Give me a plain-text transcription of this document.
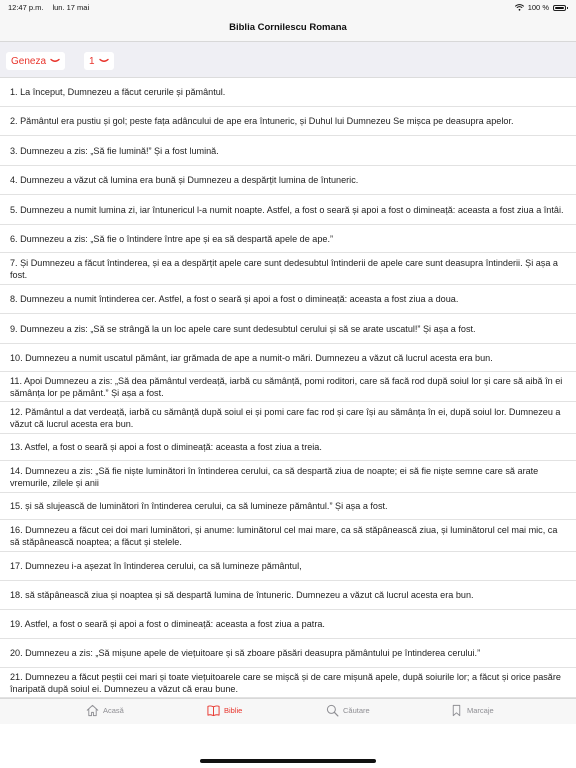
12:47 p.m. lun. 17 mai	100 %
Biblia Cornilescu Romana
Geneza	1
1. La început, Dumnezeu a făcut cerurile și pământul.
2. Pământul era pustiu și gol; peste fața adâncului de ape era întuneric, și Duhul lui Dumnezeu Se mișca pe deasupra apelor.
3. Dumnezeu a zis: „Să fie lumină!” Și a fost lumină.
4. Dumnezeu a văzut că lumina era bună și Dumnezeu a despărțit lumina de întuneric.
5. Dumnezeu a numit lumina zi, iar întunericul l-a numit noapte. Astfel, a fost o seară și apoi a fost o dimineață: aceasta a fost ziua a întâi.
6. Dumnezeu a zis: „Să fie o întindere între ape și ea să despartă apele de ape.”
7. Și Dumnezeu a făcut întinderea, și ea a despărțit apele care sunt dedesubtul întinderii de apele care sunt deasupra întinderii. Și așa a fost.
8. Dumnezeu a numit întinderea cer. Astfel, a fost o seară și apoi a fost o dimineață: aceasta a fost ziua a doua.
9. Dumnezeu a zis: „Să se strângă la un loc apele care sunt dedesubtul cerului și să se arate uscatul!” Și așa a fost.
10. Dumnezeu a numit uscatul pământ, iar grămada de ape a numit-o mări. Dumnezeu a văzut că lucrul acesta era bun.
11. Apoi Dumnezeu a zis: „Să dea pământul verdeață, iarbă cu sămânță, pomi roditori, care să facă rod după soiul lor și care să aibă în ei sămânța lor pe pământ.” Și așa a fost.
12. Pământul a dat verdeață, iarbă cu sămânță după soiul ei și pomi care fac rod și care își au sămânța în ei, după soiul lor. Dumnezeu a văzut că lucrul acesta era bun.
13. Astfel, a fost o seară și apoi a fost o dimineață: aceasta a fost ziua a treia.
14. Dumnezeu a zis: „Să fie niște luminători în întinderea cerului, ca să despartă ziua de noapte; ei să fie niște semne care să arate vremurile, zilele și anii
15. și să slujească de luminători în întinderea cerului, ca să lumineze pământul.” Și așa a fost.
16. Dumnezeu a făcut cei doi mari luminători, și anume: luminătorul cel mai mare, ca să stăpânească ziua, și luminătorul cel mai mic, ca să stăpânească noaptea; a făcut și stelele.
17. Dumnezeu i-a așezat în întinderea cerului, ca să lumineze pământul,
18. să stăpânească ziua și noaptea și să despartă lumina de întuneric. Dumnezeu a văzut că lucrul acesta era bun.
19. Astfel, a fost o seară și apoi a fost o dimineață: aceasta a fost ziua a patra.
20. Dumnezeu a zis: „Să mișune apele de viețuitoare și să zboare păsări deasupra pământului pe întinderea cerului.”
21. Dumnezeu a făcut peștii cei mari și toate viețuitoarele care se mișcă și de care mișună apele, după soiurile lor; a făcut și orice pasăre înaripată după soiul ei. Dumnezeu a văzut că erau bune.
Acasă	Biblie	Căutare	Marcaje
